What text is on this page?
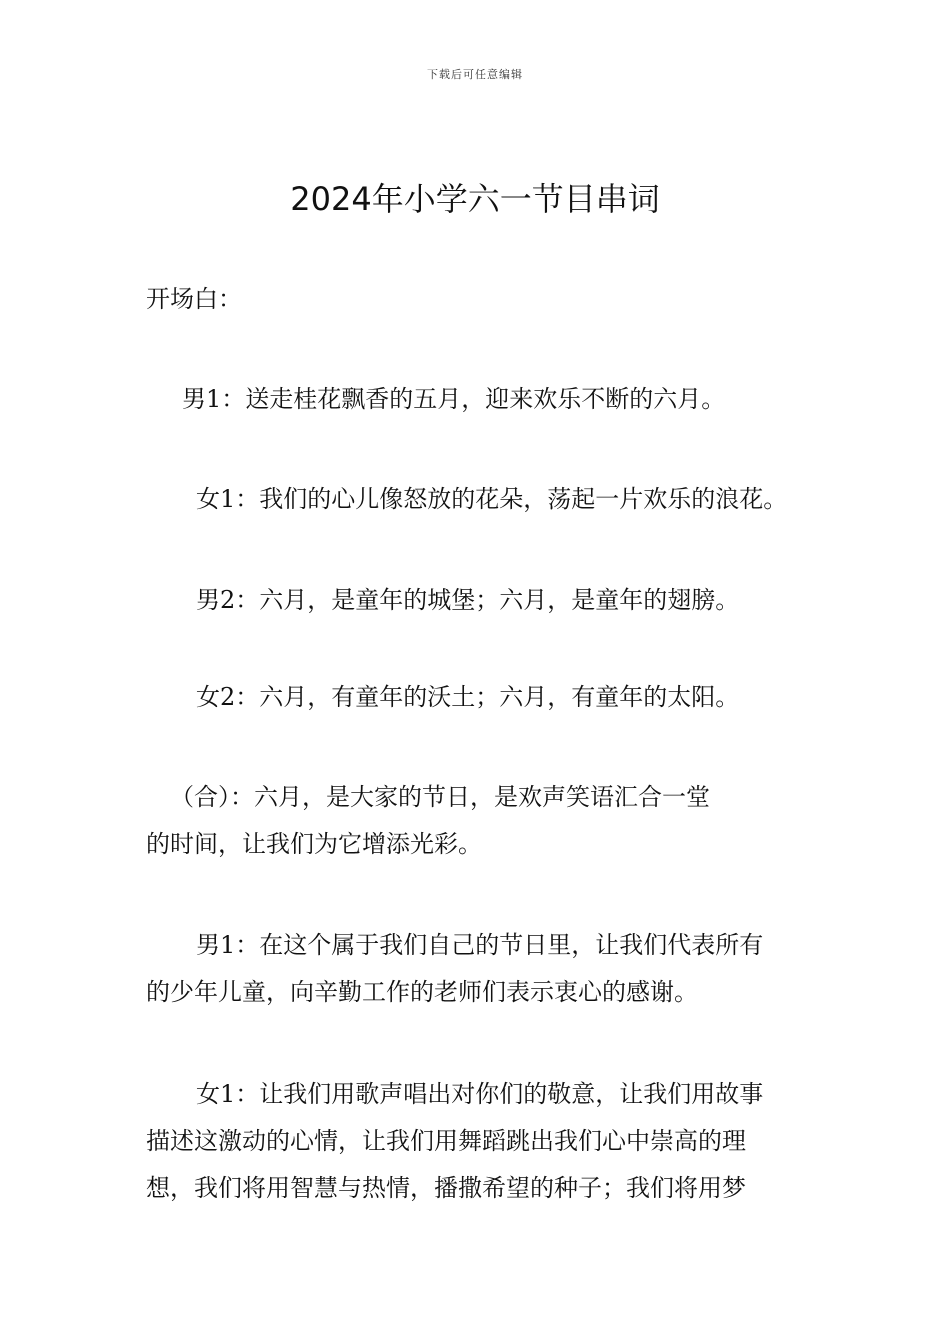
下载后可任意编辑
2024年小学六一节目串词
开场白：
男1：送走桂花飘香的五月，迎来欢乐不断的六月。
女1：我们的心儿像怒放的花朵，荡起一片欢乐的浪花。
男2：六月，是童年的城堡；六月，是童年的翅膀。
女2：六月，有童年的沃土；六月，有童年的太阳。
（合）：六月，是大家的节日，是欢声笑语汇合一堂
的时间，让我们为它增添光彩。
男1：在这个属于我们自己的节日里，让我们代表所有
的少年儿童，向辛勤工作的老师们表示衷心的感谢。
女1：让我们用歌声唱出对你们的敬意，让我们用故事
描述这激动的心情，让我们用舞蹈跳出我们心中崇高的理
想，我们将用智慧与热情，播撒希望的种子；我们将用梦
